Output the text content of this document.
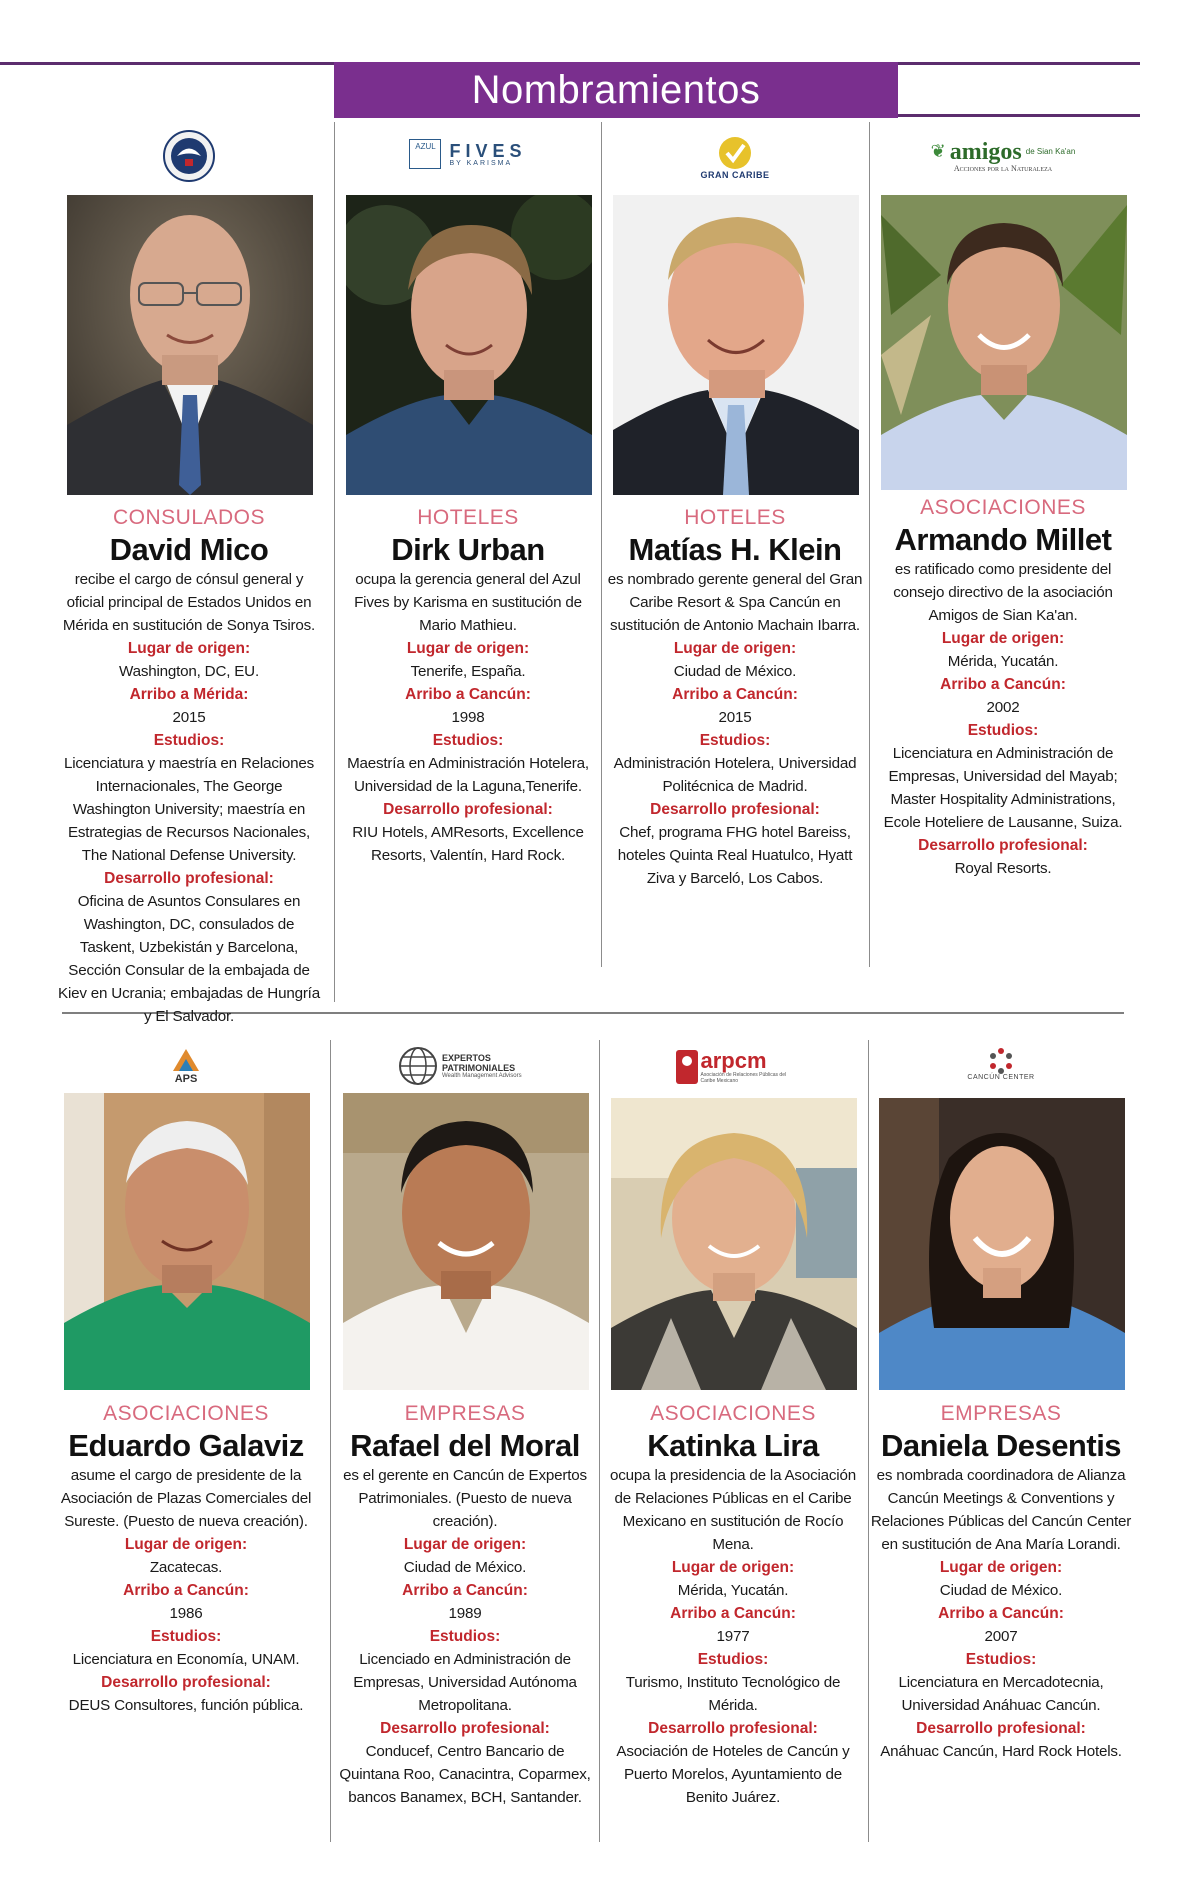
Nombramientos
CONSULADOS
David Mico
recibe el cargo de cónsul general y oficial principal de Estados Unidos en Mérida en sustitución de Sonya Tsiros.
Lugar de origen:
Washington, DC, EU.
Arribo a Mérida:
2015
Estudios:
Licenciatura y maestría en Relaciones Internacionales, The George Washington University; maestría en Estrategias de Recursos Nacionales, The National Defense University.
Desarrollo profesional:
Oficina de Asuntos Consulares en Washington, DC, consulados de Taskent, Uzbekistán y Barcelona, Sección Consular de la embajada de Kiev en Ucrania; embajadas de Hungría y El Salvador.
AZUL FIVES
BY KARISMA
HOTELES
Dirk Urban
ocupa la gerencia general del Azul Fives by Karisma en sustitución de Mario Mathieu.
Lugar de origen:
Tenerife, España.
Arribo a Cancún:
1998
Estudios:
Maestría en Administración Hotelera, Universidad de la Laguna,Tenerife.
Desarrollo profesional:
RIU Hotels, AMResorts, Excellence Resorts, Valentín, Hard Rock.
GRAN CARIBE
HOTELES
Matías H. Klein
es nombrado gerente general del Gran Caribe Resort & Spa Cancún en sustitución de Antonio Machain Ibarra.
Lugar de origen:
Ciudad de México.
Arribo a Cancún:
2015
Estudios:
Administración Hotelera, Universidad Politécnica de Madrid.
Desarrollo profesional:
Chef, programa FHG hotel Bareiss, hoteles Quinta Real Huatulco, Hyatt Ziva y Barceló, Los Cabos.
❦ amigos de Sian Ka'an
Acciones por la Naturaleza
ASOCIACIONES
Armando Millet
es ratificado como presidente del consejo directivo de la asociación Amigos de Sian Ka'an.
Lugar de origen:
Mérida, Yucatán.
Arribo a Cancún:
2002
Estudios:
Licenciatura en Administración de Empresas, Universidad del Mayab; Master Hospitality Administrations, Ecole Hoteliere de Lausanne, Suiza.
Desarrollo profesional:
Royal Resorts.
APS
ASOCIACIONES
Eduardo Galaviz
asume el cargo de presidente de la Asociación de Plazas Comerciales del Sureste. (Puesto de nueva creación).
Lugar de origen:
Zacatecas.
Arribo a Cancún:
1986
Estudios:
Licenciatura en Economía, UNAM.
Desarrollo profesional:
DEUS Consultores, función pública.
EXPERTOS PATRIMONIALES
Wealth Management Advisors
EMPRESAS
Rafael del Moral
es el gerente en Cancún de Expertos Patrimoniales. (Puesto de nueva creación).
Lugar de origen:
Ciudad de México.
Arribo a Cancún:
1989
Estudios:
Licenciado en Administración de Empresas, Universidad Autónoma Metropolitana.
Desarrollo profesional:
Conducef, Centro Bancario de Quintana Roo, Canacintra, Coparmex, bancos Banamex, BCH, Santander.
arpcm
Asociación de Relaciones Públicas del Caribe Mexicano
ASOCIACIONES
Katinka Lira
ocupa la presidencia de la Asociación de Relaciones Públicas en el Caribe Mexicano en sustitución de Rocío Mena.
Lugar de origen:
Mérida, Yucatán.
Arribo a Cancún:
1977
Estudios:
Turismo, Instituto Tecnológico de Mérida.
Desarrollo profesional:
Asociación de Hoteles de Cancún y Puerto Morelos, Ayuntamiento de Benito Juárez.
CANCÚN CENTER
EMPRESAS
Daniela Desentis
es nombrada coordinadora de Alianza Cancún Meetings & Conventions y Relaciones Públicas del Cancún Center en sustitución de Ana María Lorandi.
Lugar de origen:
Ciudad de México.
Arribo a Cancún:
2007
Estudios:
Licenciatura en Mercadotecnia, Universidad Anáhuac Cancún.
Desarrollo profesional:
Anáhuac Cancún, Hard Rock Hotels.
